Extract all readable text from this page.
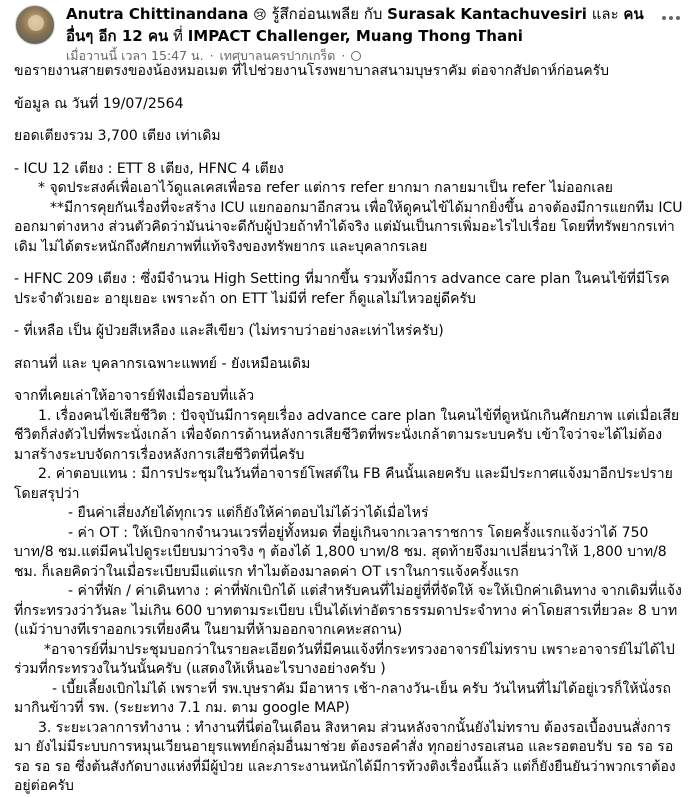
Anutra Chittinandana 😢 รู้สึกอ่อนเพลีย กับ Surasak Kantachuvesiri และ คนอื่นๆ อีก 12 คน ที่ IMPACT Challenger, Muang Thong Thani
เมื่อวานนี้ เวลา 15:47 น. · เทศบาลนครปากเกร็ด ·

ขอรายงานสายตรงของน้องหมอเมต ที่ไปช่วยงานโรงพยาบาลสนามบุษราคัม ต่อจากสัปดาห์ก่อนครับ

ข้อมูล ณ วันที่ 19/07/2564

ยอดเตียงรวม 3,700 เตียง เท่าเดิม

- ICU 12 เตียง : ETT 8 เตียง, HFNC 4 เตียง

* จุดประสงค์เพื่อเอาไว้ดูแลเคสเพื่อรอ refer แต่การ refer ยากมา กลายมาเป็น refer ไม่ออกเลย

**มีการคุยกันเรื่องที่จะสร้าง ICU แยกออกมาอีกสวน เพื่อให้ดูคนไข้ได้มากยิ่งขึ้น อาจต้องมีการแยกทีม ICU ออกมาต่างหาง ส่วนตัวคิดว่ามันน่าจะดีกับผู้ป่วยถ้าทำได้จริง แต่มันเป็นการเพิ่มอะไรไปเรื่อย โดยที่ทรัพยากรเท่าเดิม ไม่ได้ตระหนักถึงศักยภาพที่แท้จริงของทรัพยากร และบุคลากรเลย

- HFNC 209 เตียง : ซึ่งมีจำนวน High Setting ที่มากขึ้น รวมทั้งมีการ advance care plan ในคนไข้ที่มีโรคประจำตัวเยอะ อายุเยอะ เพราะถ้า on ETT ไม่มีที่ refer ก็ดูแลไม่ไหวอยู่ดีครับ

- ที่เหลือ เป็น ผู้ป่วยสีเหลือง และสีเขียว (ไม่ทราบว่าอย่างละเท่าไหร่ครับ)

สถานที่ และ บุคลากรเฉพาะแพทย์ - ยังเหมือนเดิม

จากที่เคยเล่าให้อาจารย์ฟังเมื่อรอบที่แล้ว

1. เรื่องคนไข้เสียชีวิต : ปัจจุบันมีการคุยเรื่อง advance care plan ในคนไข้ที่ดูหนักเกินศักยภาพ แต่เมื่อเสียชีวิตก็ส่งตัวไปที่พระนั่งเกล้า เพื่อจัดการด้านหลังการเสียชีวิตที่พระนั่งเกล้าตามระบบครับ เข้าใจว่าจะได้ไม่ต้องมาสร้างระบบจัดการเรื่องหลังการเสียชีวิตที่นี่ครับ

2. ค่าตอบแทน : มีการประชุมในวันที่อาจารย์โพสต์ใน FB คืนนั้นเลยครับ และมีประกาศแจ้งมาอีกประปราย โดยสรุปว่า

- ยืนค่าเสี่ยงภัยได้ทุกเวร แต่ก็ยังให้ค่าตอบไม่ได้ว่าได้เมื่อไหร่

- ค่า OT : ให้เบิกจากจำนวนเวรที่อยู่ทั้งหมด ที่อยู่เกินจากเวลาราชการ โดยครั้งแรกแจ้งว่าได้ 750 บาท/8 ชม.แต่มีคนไปดูระเบียบมาว่าจริง ๆ ต้องได้ 1,800 บาท/8 ชม. สุดท้ายจึงมาเปลี่ยนว่าให้ 1,800 บาท/8 ชม. ก็เลยคิดว่าในเมื่อระเบียบมีแต่แรก ทำไมต้องมาลดค่า OT เราในการแจ้งครั้งแรก

- ค่าที่พัก / ค่าเดินทาง : ค่าที่พักเบิกได้ แต่สำหรับคนที่ไม่อยู่ที่ที่จัดให้ จะให้เบิกค่าเดินทาง จากเดิมที่แจ้งที่กระทรวงว่าวันละ ไม่เกิน 600 บาทตามระเบียบ เป็นได้เท่าอัตราธรรมดาประจำทาง ค่าโดยสารเที่ยวละ 8 บาท (แม้ว่าบางทีเราออกเวรเที่ยงคืน ในยามที่ห้ามออกจากเคหะสถาน)

*อาจารย์ที่มาประชุมบอกว่าในรายละเอียดวันที่มีคนแจ้งที่กระทรวงอาจารย์ไม่ทราบ เพราะอาจารย์ไม่ได้ไปร่วมที่กระทรวงในวันนั้นครับ (แสดงให้เห็นอะไรบางอย่างครับ )

- เบี้ยเลี้ยงเบิกไม่ได้ เพราะที่ รพ.บุษราคัม มีอาหาร เช้า-กลางวัน-เย็น ครับ วันไหนที่ไม่ได้อยู่เวรก็ให้นั่งรถมากินข้าวที่ รพ. (ระยะทาง 7.1 กม. ตาม google MAP)

3. ระยะเวลาการทำงาน : ทำงานที่นี่ต่อในเดือน สิงหาคม ส่วนหลังจากนั้นยังไม่ทราบ ต้องรอเบื้องบนสั่งการมา ยังไม่มีระบบการหมุนเวียนอายุรแพทย์กลุ่มอื่นมาช่วย ต้องรอคำสั่ง ทุกอย่างรอเสนอ และรอตอบรับ รอ รอ รอ รอ รอ รอ ซึ่งต้นสังกัดบางแห่งที่มีผู้ป่วย และภาระงานหนักได้มีการท้วงติงเรื่องนี้แล้ว แต่ก็ยังยืนยันว่าพวกเราต้องอยู่ต่อครับ
